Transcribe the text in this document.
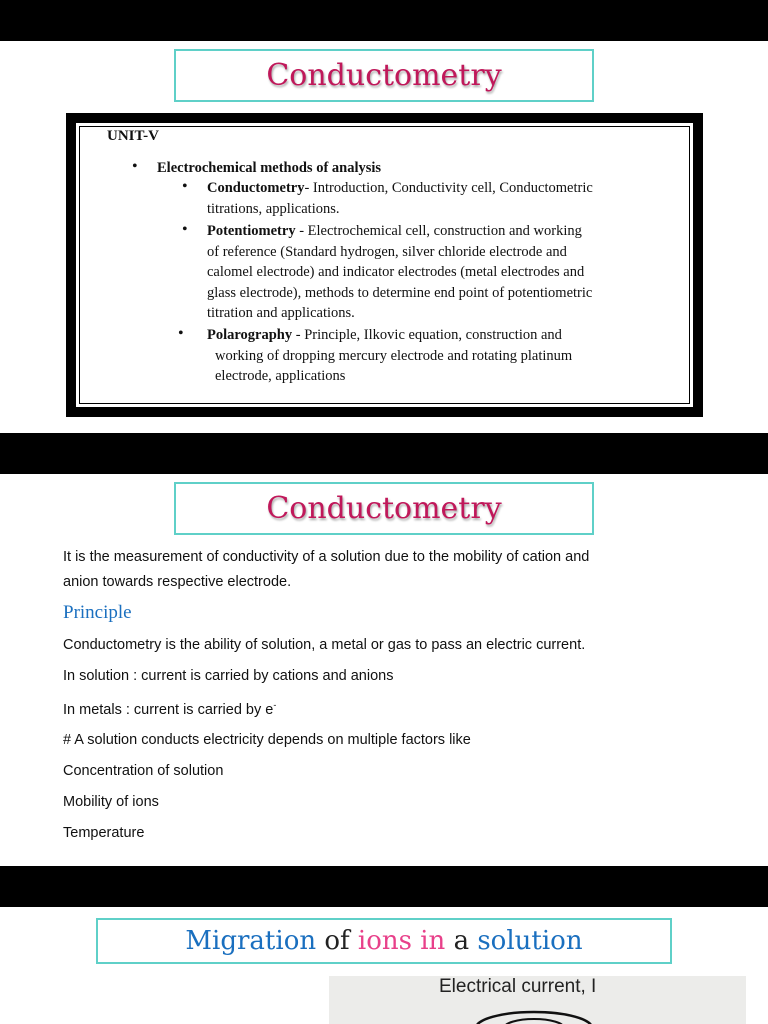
Conductometry
UNIT-V
• Electrochemical methods of analysis
• Conductometry- Introduction, Conductivity cell, Conductometric
titrations, applications.
• Potentiometry - Electrochemical cell, construction and working
of reference (Standard hydrogen, silver chloride electrode and
calomel electrode) and indicator electrodes (metal electrodes and
glass electrode), methods to determine end point of potentiometric
titration and applications.
• Polarography - Principle, Ilkovic equation, construction and
working of dropping mercury electrode and rotating platinum
electrode, applications
Conductometry
It is the measurement of conductivity of a solution due to the mobility of cation and
anion towards respective electrode.
Principle
Conductometry is the ability of solution, a metal or gas to pass an electric current.
In solution : current is carried by cations and anions
In metals : current is carried by e-
# A solution conducts electricity depends on multiple factors like
Concentration of solution
Mobility of ions
Temperature
Migration of ions in a solution
Electrical current, I
